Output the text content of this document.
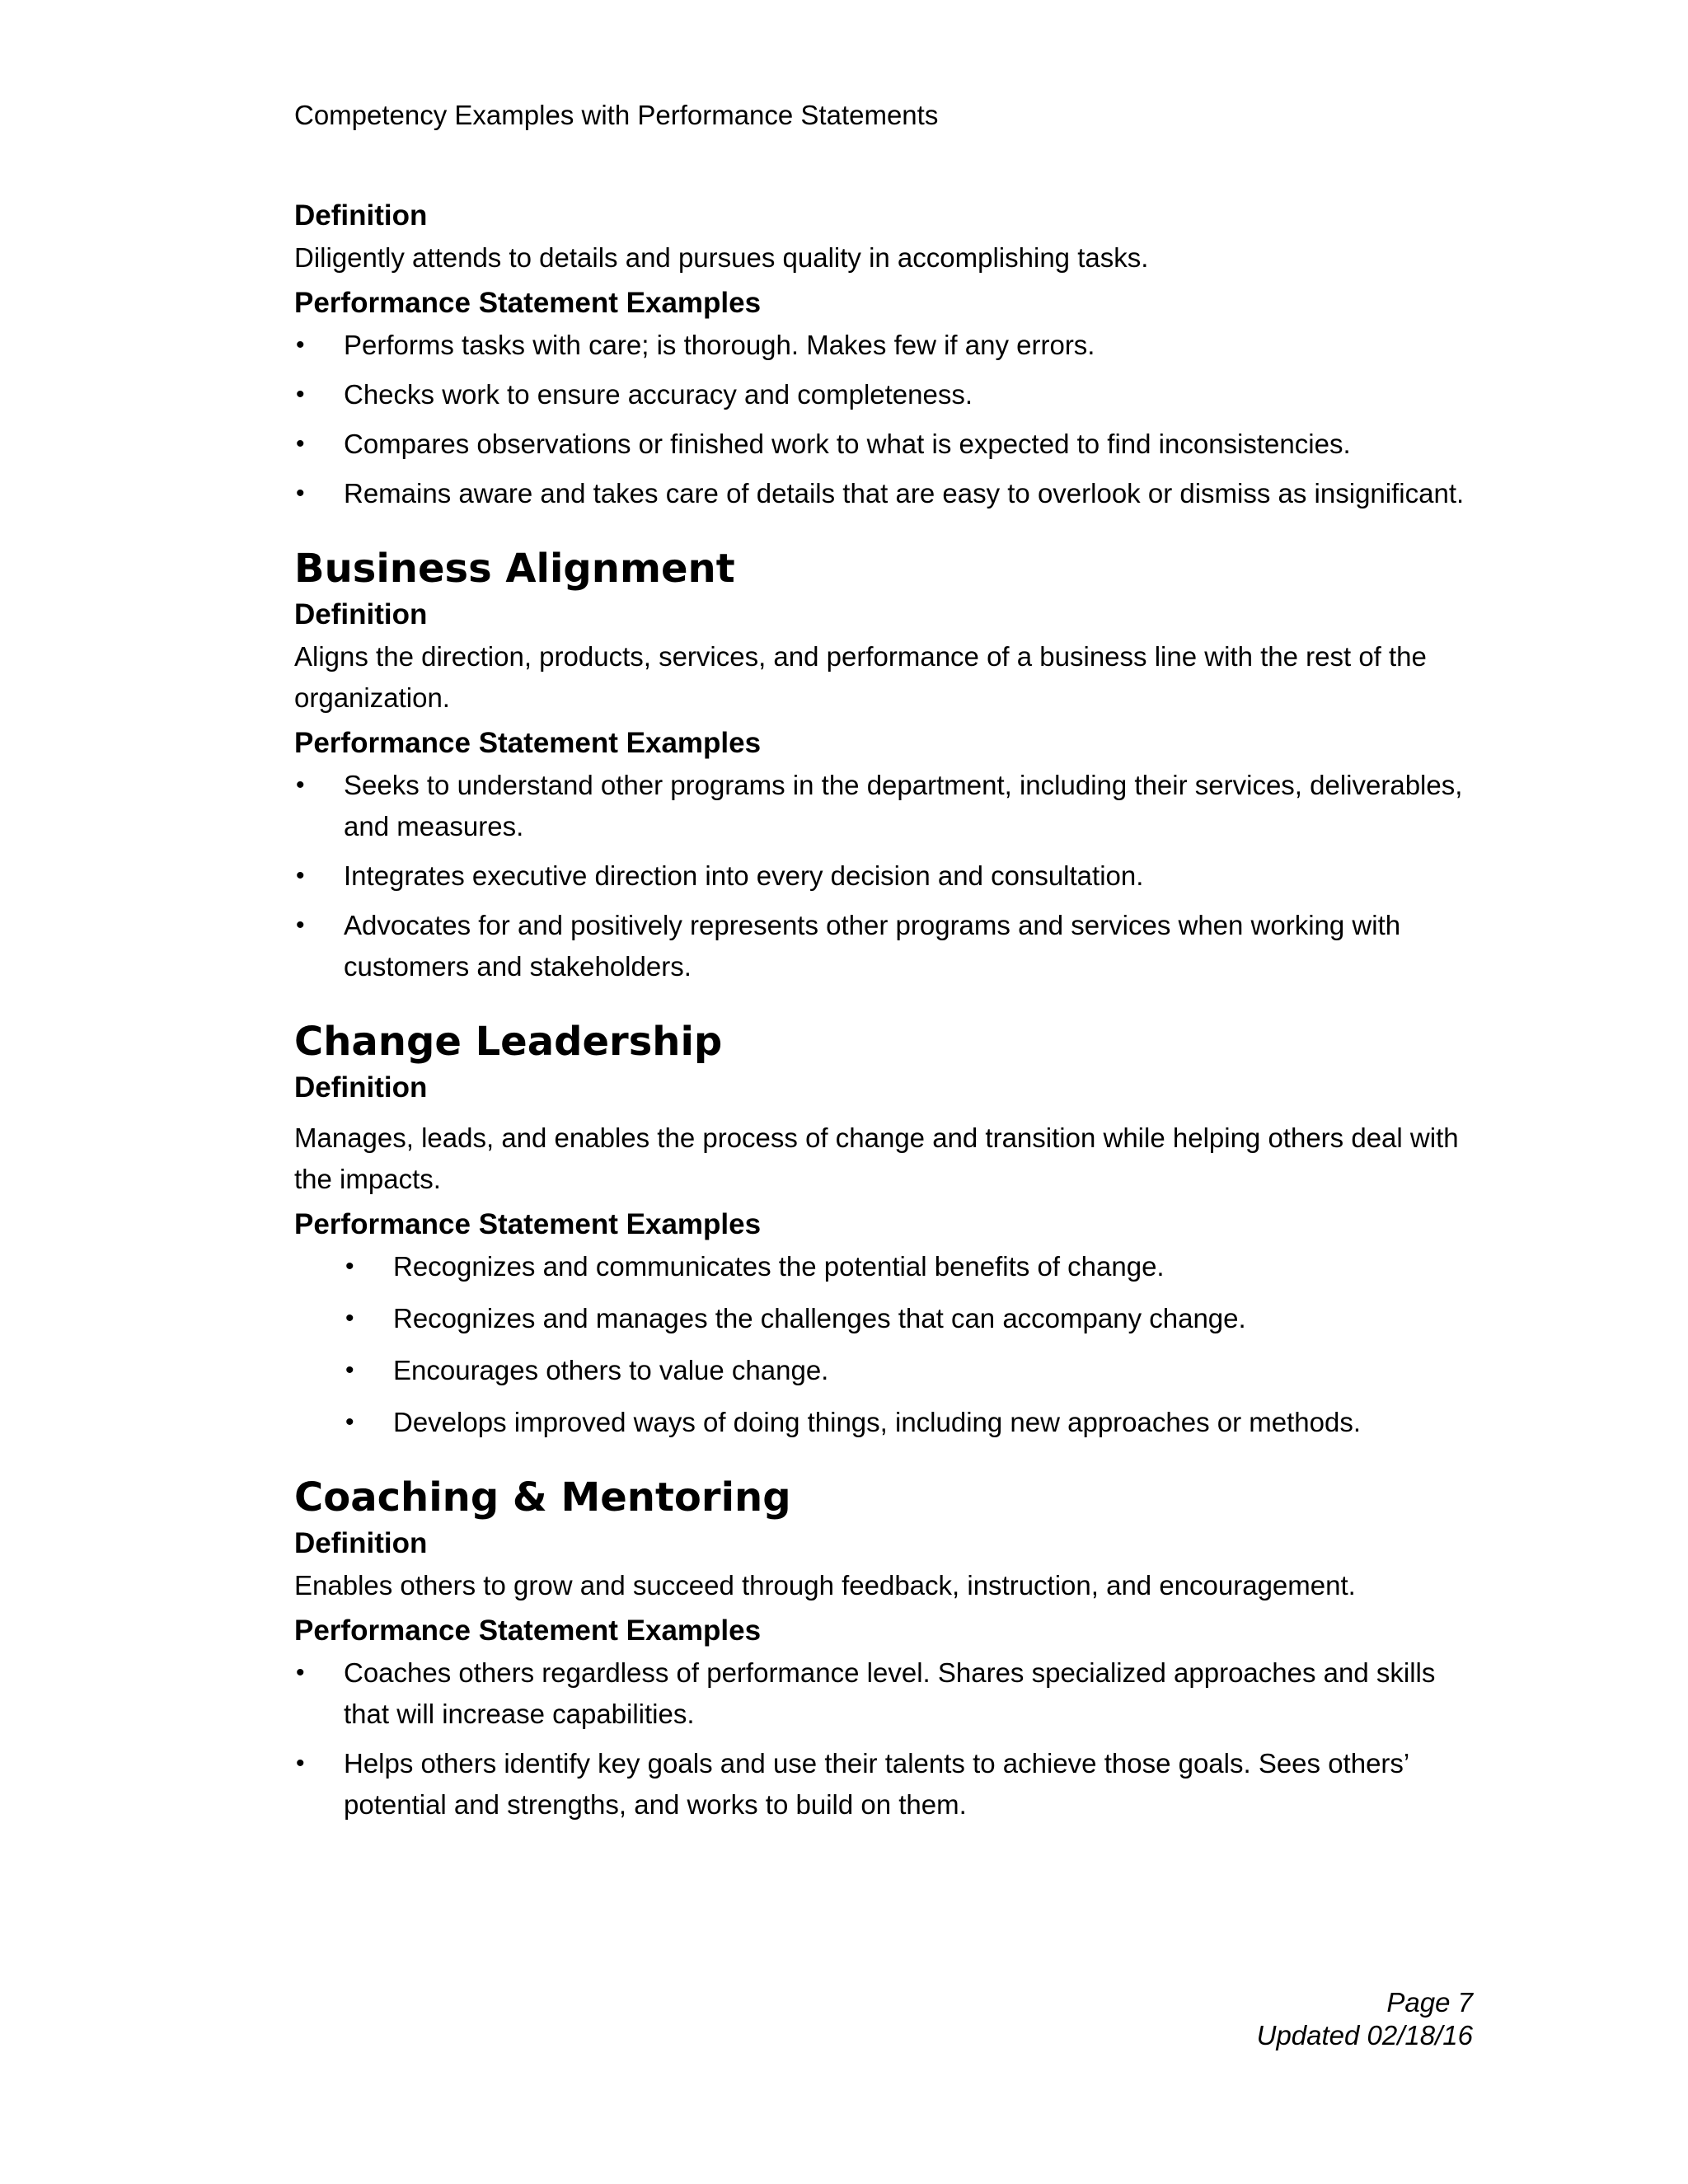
Competency Examples with Performance Statements
Definition

Diligently attends to details and pursues quality in accomplishing tasks.

Performance Statement Examples
• Performs tasks with care; is thorough. Makes few if any errors.
• Checks work to ensure accuracy and completeness.
• Compares observations or finished work to what is expected to find inconsistencies.
• Remains aware and takes care of details that are easy to overlook or dismiss as insignificant.
Business Alignment
Definition

Aligns the direction, products, services, and performance of a business line with the rest of the organization.

Performance Statement Examples
• Seeks to understand other programs in the department, including their services, deliverables, and measures.
• Integrates executive direction into every decision and consultation.
• Advocates for and positively represents other programs and services when working with customers and stakeholders.
Change Leadership
Definition

Manages, leads, and enables the process of change and transition while helping others deal with the impacts.

Performance Statement Examples
• Recognizes and communicates the potential benefits of change.
• Recognizes and manages the challenges that can accompany change.
• Encourages others to value change.
• Develops improved ways of doing things, including new approaches or methods.
Coaching & Mentoring
Definition

Enables others to grow and succeed through feedback, instruction, and encouragement.

Performance Statement Examples
• Coaches others regardless of performance level. Shares specialized approaches and skills that will increase capabilities.
• Helps others identify key goals and use their talents to achieve those goals. Sees others’ potential and strengths, and works to build on them.
Page 7
Updated 02/18/16
